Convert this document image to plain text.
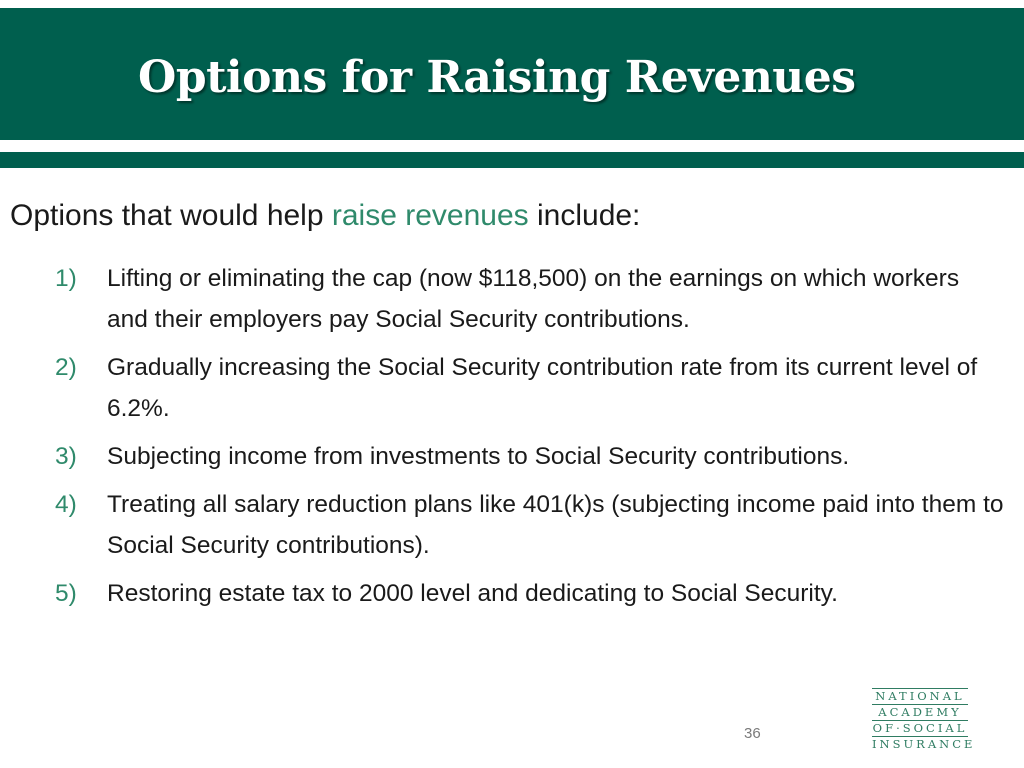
Options for Raising Revenues
Options that would help raise revenues include:
1) Lifting or eliminating the cap (now $118,500) on the earnings on which workers and their employers pay Social Security contributions.
2) Gradually increasing the Social Security contribution rate from its current level of 6.2%.
3) Subjecting income from investments to Social Security contributions.
4) Treating all salary reduction plans like 401(k)s (subjecting income paid into them to Social Security contributions).
5) Restoring estate tax to 2000 level and dedicating to Social Security.
36
NATIONAL
ACADEMY
OF·SOCIAL
INSURANCE
